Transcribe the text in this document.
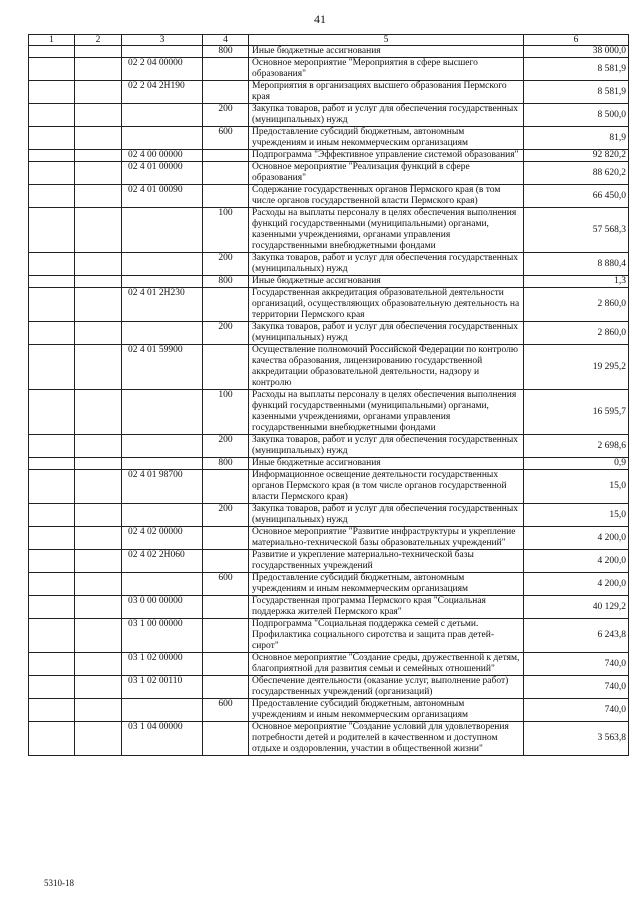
41
1	2	3	4	5	6
			800	Иные бюджетные ассигнования	38 000,0
		02 2 04 00000		Основное мероприятие "Мероприятия в сфере высшего образования"	8 581,9
		02 2 04 2Н190		Мероприятия в организациях высшего образования Пермского края	8 581,9
			200	Закупка товаров, работ и услуг для обеспечения государственных (муниципальных) нужд	8 500,0
			600	Предоставление субсидий бюджетным, автономным учреждениям и иным некоммерческим организациям	81,9
		02 4 00 00000		Подпрограмма "Эффективное управление системой образования"	92 820,2
		02 4 01 00000		Основное мероприятие "Реализация функций в сфере образования"	88 620,2
		02 4 01 00090		Содержание государственных органов Пермского края (в том числе органов государственной власти Пермского края)	66 450,0
			100	Расходы на выплаты персоналу в целях обеспечения выполнения функций государственными (муниципальными) органами, казенными учреждениями, органами управления государственными внебюджетными фондами	57 568,3
			200	Закупка товаров, работ и услуг для обеспечения государственных (муниципальных) нужд	8 880,4
			800	Иные бюджетные ассигнования	1,3
		02 4 01 2Н230		Государственная аккредитация образовательной деятельности организаций, осуществляющих образовательную деятельность на территории Пермского края	2 860,0
			200	Закупка товаров, работ и услуг для обеспечения государственных (муниципальных) нужд	2 860,0
		02 4 01 59900		Осуществление полномочий Российской Федерации по контролю качества образования, лицензированию государственной аккредитации образовательной деятельности, надзору и контролю	19 295,2
			100	Расходы на выплаты персоналу в целях обеспечения выполнения функций государственными (муниципальными) органами, казенными учреждениями, органами управления государственными внебюджетными фондами	16 595,7
			200	Закупка товаров, работ и услуг для обеспечения государственных (муниципальных) нужд	2 698,6
			800	Иные бюджетные ассигнования	0,9
		02 4 01 98700		Информационное освещение деятельности государственных органов Пермского края (в том числе органов государственной власти Пермского края)	15,0
			200	Закупка товаров, работ и услуг для обеспечения государственных (муниципальных) нужд	15,0
		02 4 02 00000		Основное мероприятие "Развитие инфраструктуры и укрепление материально-технической базы образовательных учреждений"	4 200,0
		02 4 02 2Н060		Развитие и укрепление материально-технической базы государственных учреждений	4 200,0
			600	Предоставление субсидий бюджетным, автономным учреждениям и иным некоммерческим организациям	4 200,0
		03 0 00 00000		Государственная программа Пермского края "Социальная поддержка жителей Пермского края"	40 129,2
		03 1 00 00000		Подпрограмма "Социальная поддержка семей с детьми. Профилактика социального сиротства и защита прав детей-сирот"	6 243,8
		03 1 02 00000		Основное мероприятие "Создание среды, дружественной к детям, благоприятной для развития семьи и семейных отношений"	740,0
		03 1 02 00110		Обеспечение деятельности (оказание услуг, выполнение работ) государственных учреждений (организаций)	740,0
			600	Предоставление субсидий бюджетным, автономным учреждениям и иным некоммерческим организациям	740,0
		03 1 04 00000		Основное мероприятие "Создание условий для удовлетворения потребности детей и родителей в качественном и доступном отдыхе и оздоровлении, участии в общественной жизни"	3 563,8
5310-18
